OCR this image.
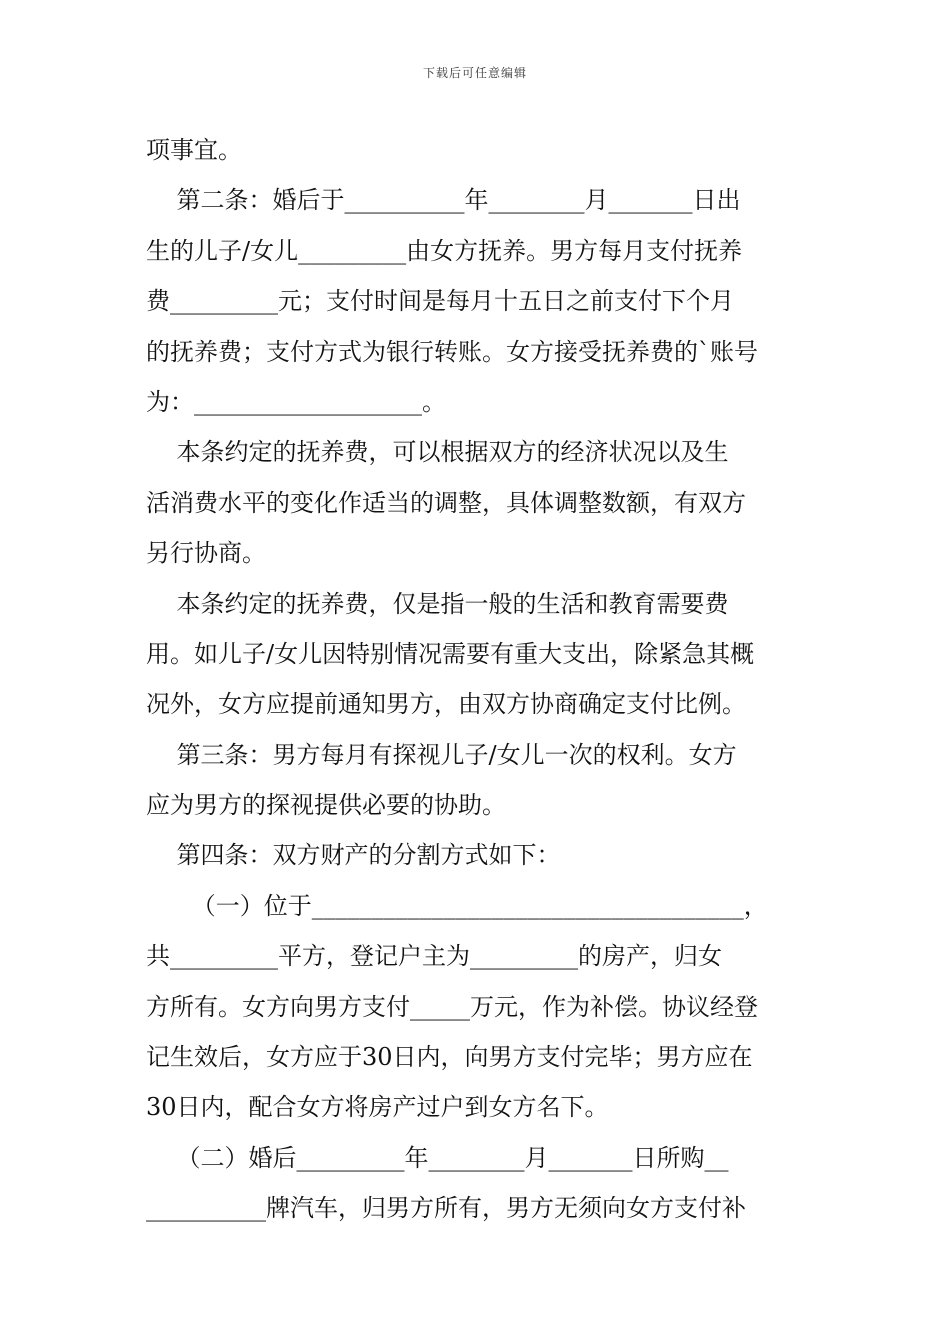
下载后可任意编辑
项事宜。
第二条：婚后于__________年________月_______日出
生的儿子/女儿_________由女方抚养。男方每月支付抚养
费_________元；支付时间是每月十五日之前支付下个月
的抚养费；支付方式为银行转账。女方接受抚养费的`账号
为：___________________。
本条约定的抚养费，可以根据双方的经济状况以及生
活消费水平的变化作适当的调整，具体调整数额，有双方
另行协商。
本条约定的抚养费，仅是指一般的生活和教育需要费
用。如儿子/女儿因特别情况需要有重大支出，除紧急其概
况外，女方应提前通知男方，由双方协商确定支付比例。
第三条：男方每月有探视儿子/女儿一次的权利。女方
应为男方的探视提供必要的协助。
第四条：双方财产的分割方式如下：
（一）位于____________________________________，
共_________平方，登记户主为_________的房产，归女
方所有。女方向男方支付_____万元，作为补偿。协议经登
记生效后，女方应于30日内，向男方支付完毕；男方应在
30日内，配合女方将房产过户到女方名下。
（二）婚后_________年________月_______日所购__
__________牌汽车，归男方所有，男方无须向女方支付补
